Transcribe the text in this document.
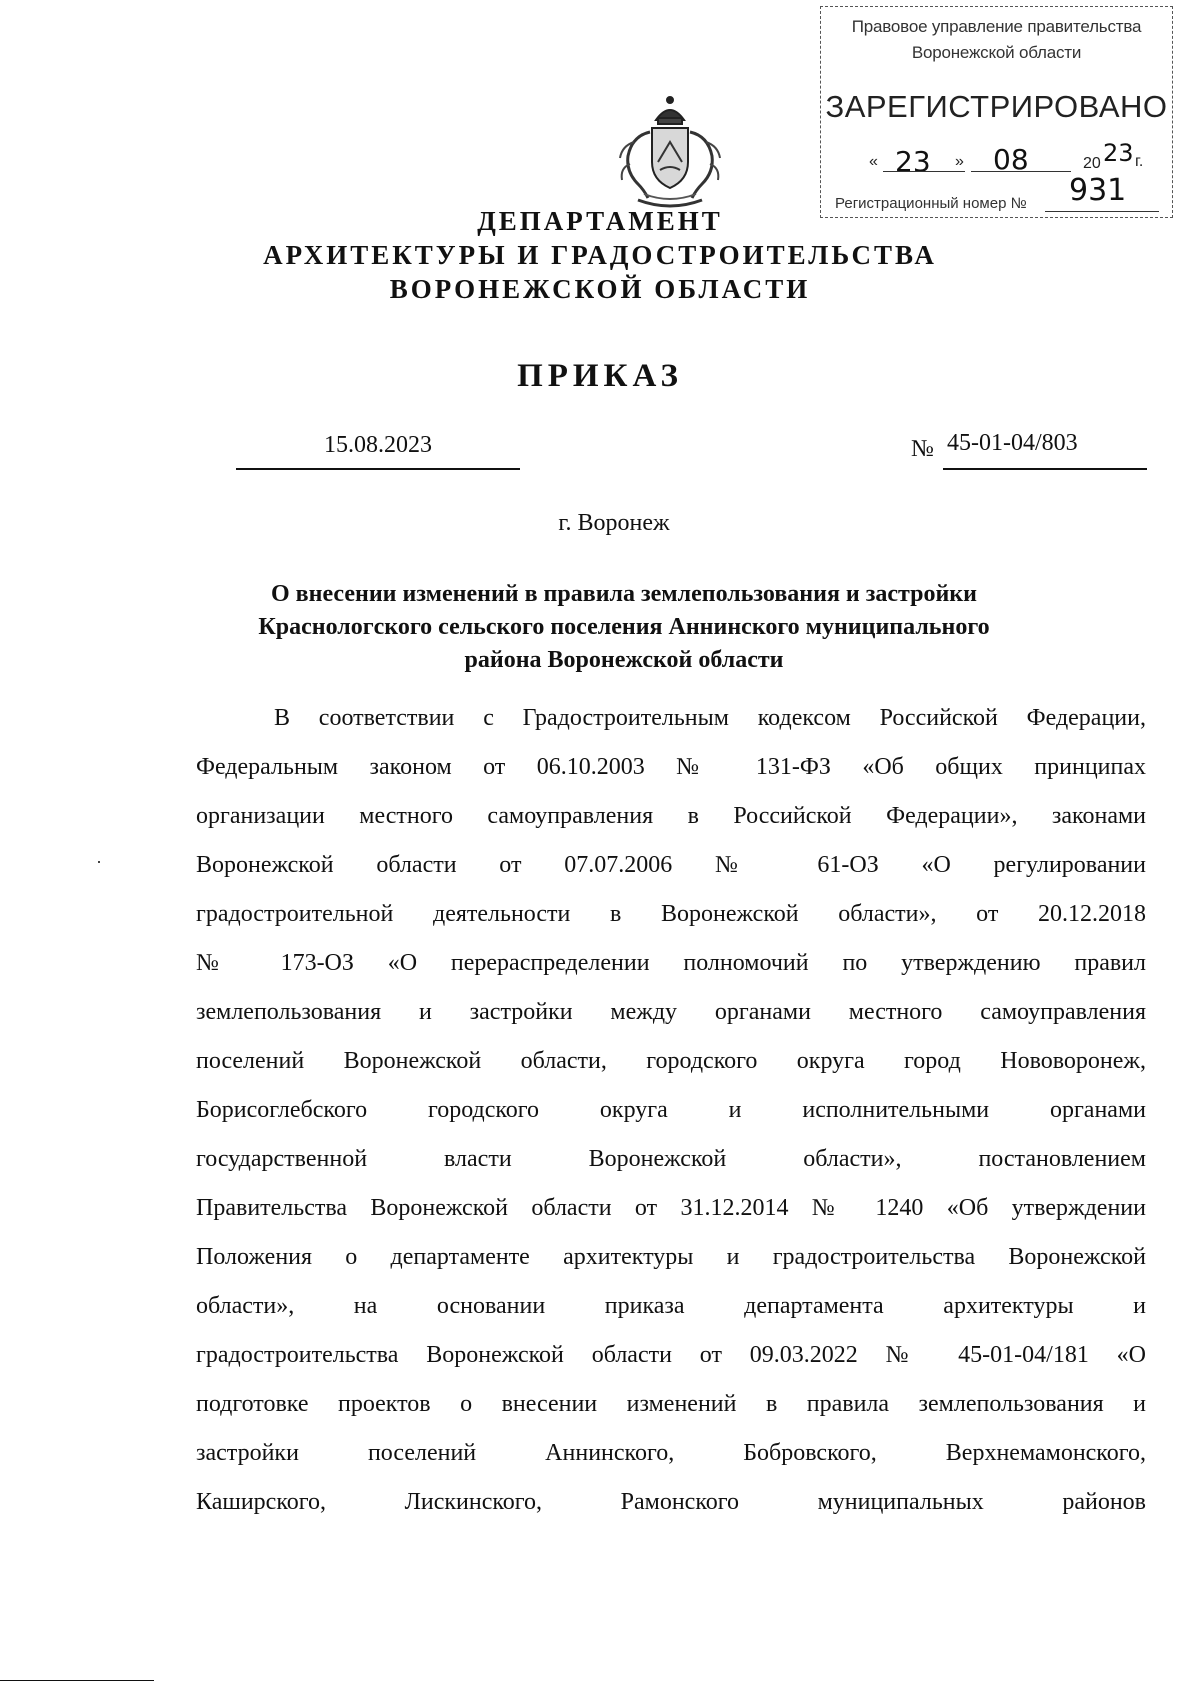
Правовое управление правительства
Воронежской области
ЗАРЕГИСТРИРОВАНО
« 23 » 08	20 23 г.
Регистрационный номер № 931
ДЕПАРТАМЕНТ
АРХИТЕКТУРЫ И ГРАДОСТРОИТЕЛЬСТВА
ВОРОНЕЖСКОЙ ОБЛАСТИ
ПРИКАЗ
15.08.2023	№ 45-01-04/803
г. Воронеж
О внесении изменений в правила землепользования и застройки
Краснологского сельского поселения Аннинского муниципального
района Воронежской области
В соответствии с Градостроительным кодексом Российской Федерации,
Федеральным законом от 06.10.2003 № 131-ФЗ «Об общих принципах
организации местного самоуправления в Российской Федерации», законами
Воронежской области от 07.07.2006 № 61-ОЗ «О регулировании
градостроительной деятельности в Воронежской области», от 20.12.2018
№ 173-ОЗ «О перераспределении полномочий по утверждению правил
землепользования и застройки между органами местного самоуправления
поселений Воронежской области, городского округа город Нововоронеж,
Борисоглебского городского округа и исполнительными органами
государственной власти Воронежской области», постановлением
Правительства Воронежской области от 31.12.2014 № 1240 «Об утверждении
Положения о департаменте архитектуры и градостроительства Воронежской
области», на основании приказа департамента архитектуры и
градостроительства Воронежской области от 09.03.2022 № 45-01-04/181 «О
подготовке проектов о внесении изменений в правила землепользования и
застройки поселений Аннинского, Бобровского, Верхнемамонского,
Каширского, Лискинского, Рамонского муниципальных районов
